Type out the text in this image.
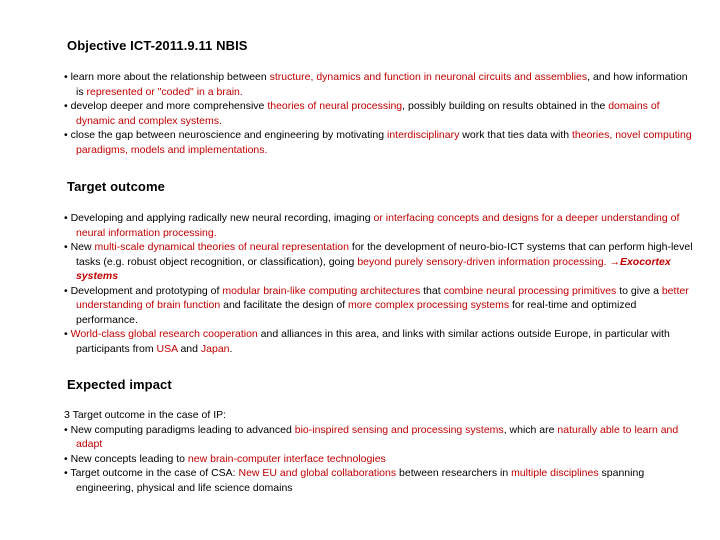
Objective ICT-2011.9.11 NBIS

• learn more about the relationship between structure, dynamics and function in neuronal circuits and assemblies, and how information is represented or "coded" in a brain.

• develop deeper and more comprehensive theories of neural processing, possibly building on results obtained in the domains of dynamic and complex systems.

• close the gap between neuroscience and engineering by motivating interdisciplinary work that ties data with theories, novel computing paradigms, models and implementations.

Target outcome

• Developing and applying radically new neural recording, imaging or interfacing concepts and designs for a deeper understanding of neural information processing.

• New multi-scale dynamical theories of neural representation for the development of neuro-bio-ICT systems that can perform high-level tasks (e.g. robust object recognition, or classification), going beyond purely sensory-driven information processing. →Exocortex systems

• Development and prototyping of modular brain-like computing architectures that combine neural processing primitives to give a better understanding of brain function and facilitate the design of more complex processing systems for real-time and optimized performance.

• World-class global research cooperation and alliances in this area, and links with similar actions outside Europe, in particular with participants from USA and Japan.

Expected impact

3 Target outcome in the case of IP:

• New computing paradigms leading to advanced bio-inspired sensing and processing systems, which are naturally able to learn and adapt

• New concepts leading to new brain-computer interface technologies

• Target outcome in the case of CSA: New EU and global collaborations between researchers in multiple disciplines spanning engineering, physical and life science domains
